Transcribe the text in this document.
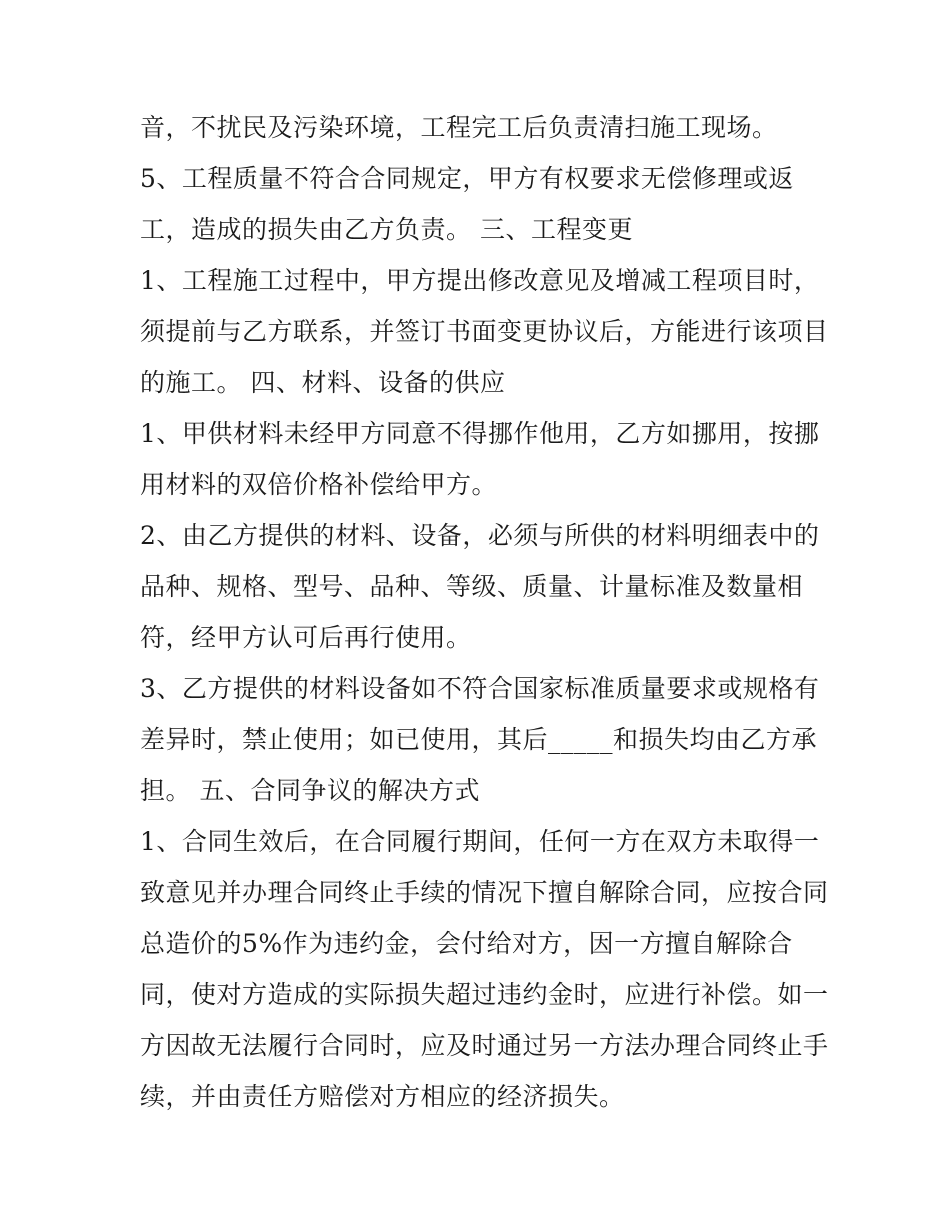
音，不扰民及污染环境，工程完工后负责清扫施工现场。
5、工程质量不符合合同规定，甲方有权要求无偿修理或返
工，造成的损失由乙方负责。 三、工程变更
1、工程施工过程中，甲方提出修改意见及增减工程项目时，
须提前与乙方联系，并签订书面变更协议后，方能进行该项目
的施工。 四、材料、设备的供应
1、甲供材料未经甲方同意不得挪作他用，乙方如挪用，按挪
用材料的双倍价格补偿给甲方。
2、由乙方提供的材料、设备，必须与所供的材料明细表中的
品种、规格、型号、品种、等级、质量、计量标准及数量相
符，经甲方认可后再行使用。
3、乙方提供的材料设备如不符合国家标准质量要求或规格有
差异时，禁止使用；如已使用，其后_____和损失均由乙方承
担。 五、合同争议的解决方式
1、合同生效后，在合同履行期间，任何一方在双方未取得一
致意见并办理合同终止手续的情况下擅自解除合同，应按合同
总造价的5%作为违约金，会付给对方，因一方擅自解除合
同，使对方造成的实际损失超过违约金时，应进行补偿。如一
方因故无法履行合同时，应及时通过另一方法办理合同终止手
续，并由责任方赔偿对方相应的经济损失。
